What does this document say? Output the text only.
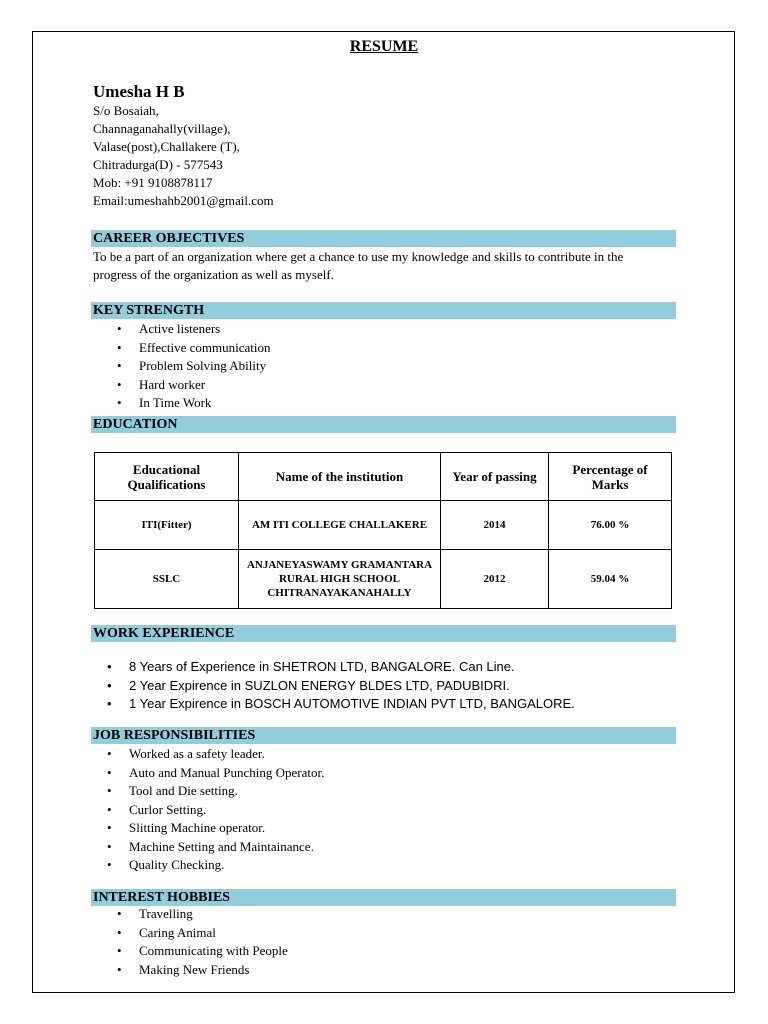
RESUME
Umesha H B
S/o Bosaiah,
Channaganahally(village),
Valase(post),Challakere (T),
Chitradurga(D) - 577543
Mob: +91 9108878117
Email:umeshahb2001@gmail.com
CAREER OBJECTIVES
To be a part of an organization where get a chance to use my knowledge and skills to contribute in the
progress of the organization as well as myself.
KEY STRENGTH
• Active listeners
• Effective communication
• Problem Solving Ability
• Hard worker
• In Time Work
EDUCATION
Educational Qualifications	Name of the institution	Year of passing	Percentage of Marks
ITI(Fitter)	AM ITI COLLEGE CHALLAKERE	2014	76.00 %
SSLC	ANJANEYASWAMY GRAMANTARA RURAL HIGH SCHOOL CHITRANAYAKANAHALLY	2012	59.04 %
WORK EXPERIENCE
• 8 Years of Experience in SHETRON LTD, BANGALORE. Can Line.
• 2 Year Expirence in SUZLON ENERGY BLDES LTD, PADUBIDRI.
• 1 Year Expirence in BOSCH AUTOMOTIVE INDIAN PVT LTD, BANGALORE.
JOB RESPONSIBILITIES
• Worked as a safety leader.
• Auto and Manual Punching Operator.
• Tool and Die setting.
• Curlor Setting.
• Slitting Machine operator.
• Machine Setting and Maintainance.
• Quality Checking.
INTEREST HOBBIES
• Travelling
• Caring Animal
• Communicating with People
• Making New Friends
